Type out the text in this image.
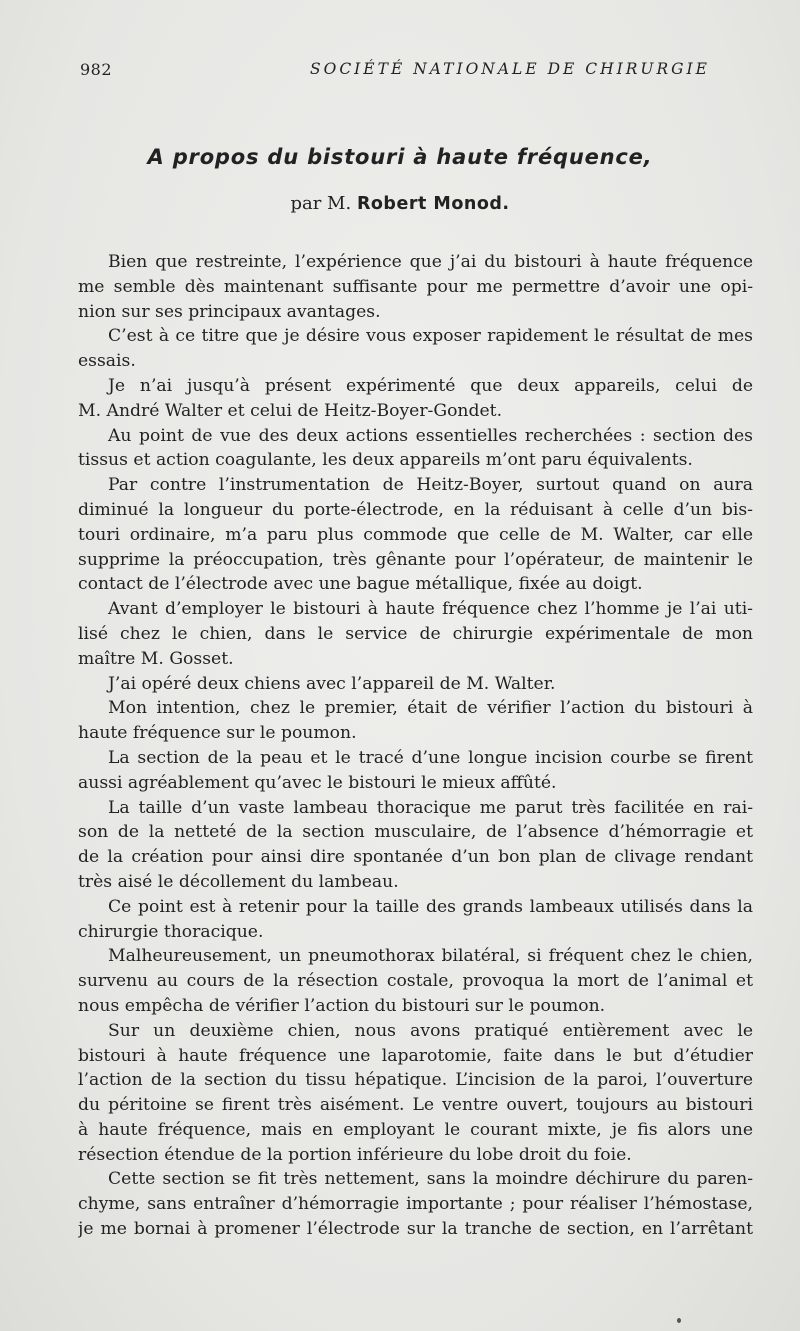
982	SOCIÉTÉ NATIONALE DE CHIRURGIE
A propos du bistouri à haute fréquence,
par M. Robert Monod.
Bien que restreinte, l’expérience que j’ai du bistouri à haute fréquence
me semble dès maintenant suffisante pour me permettre d’avoir une opi-
nion sur ses principaux avantages.
C’est à ce titre que je désire vous exposer rapidement le résultat de mes
essais.
Je n’ai jusqu’à présent expérimenté que deux appareils, celui de
M. André Walter et celui de Heitz-Boyer-Gondet.
Au point de vue des deux actions essentielles recherchées : section des
tissus et action coagulante, les deux appareils m’ont paru équivalents.
Par contre l’instrumentation de Heitz-Boyer, surtout quand on aura
diminué la longueur du porte-électrode, en la réduisant à celle d’un bis-
touri ordinaire, m’a paru plus commode que celle de M. Walter, car elle
supprime la préoccupation, très gênante pour l’opérateur, de maintenir le
contact de l’électrode avec une bague métallique, fixée au doigt.
Avant d’employer le bistouri à haute fréquence chez l’homme je l’ai uti-
lisé chez le chien, dans le service de chirurgie expérimentale de mon
maître M. Gosset.
J’ai opéré deux chiens avec l’appareil de M. Walter.
Mon intention, chez le premier, était de vérifier l’action du bistouri à
haute fréquence sur le poumon.
La section de la peau et le tracé d’une longue incision courbe se firent
aussi agréablement qu’avec le bistouri le mieux affûté.
La taille d’un vaste lambeau thoracique me parut très facilitée en rai-
son de la netteté de la section musculaire, de l’absence d’hémorragie et
de la création pour ainsi dire spontanée d’un bon plan de clivage rendant
très aisé le décollement du lambeau.
Ce point est à retenir pour la taille des grands lambeaux utilisés dans la
chirurgie thoracique.
Malheureusement, un pneumothorax bilatéral, si fréquent chez le chien,
survenu au cours de la résection costale, provoqua la mort de l’animal et
nous empêcha de vérifier l’action du bistouri sur le poumon.
Sur un deuxième chien, nous avons pratiqué entièrement avec le
bistouri à haute fréquence une laparotomie, faite dans le but d’étudier
l’action de la section du tissu hépatique. L’incision de la paroi, l’ouverture
du péritoine se firent très aisément. Le ventre ouvert, toujours au bistouri
à haute fréquence, mais en employant le courant mixte, je fis alors une
résection étendue de la portion inférieure du lobe droit du foie.
Cette section se fit très nettement, sans la moindre déchirure du paren-
chyme, sans entraîner d’hémorragie importante ; pour réaliser l’hémostase,
je me bornai à promener l’électrode sur la tranche de section, en l’arrêtant
